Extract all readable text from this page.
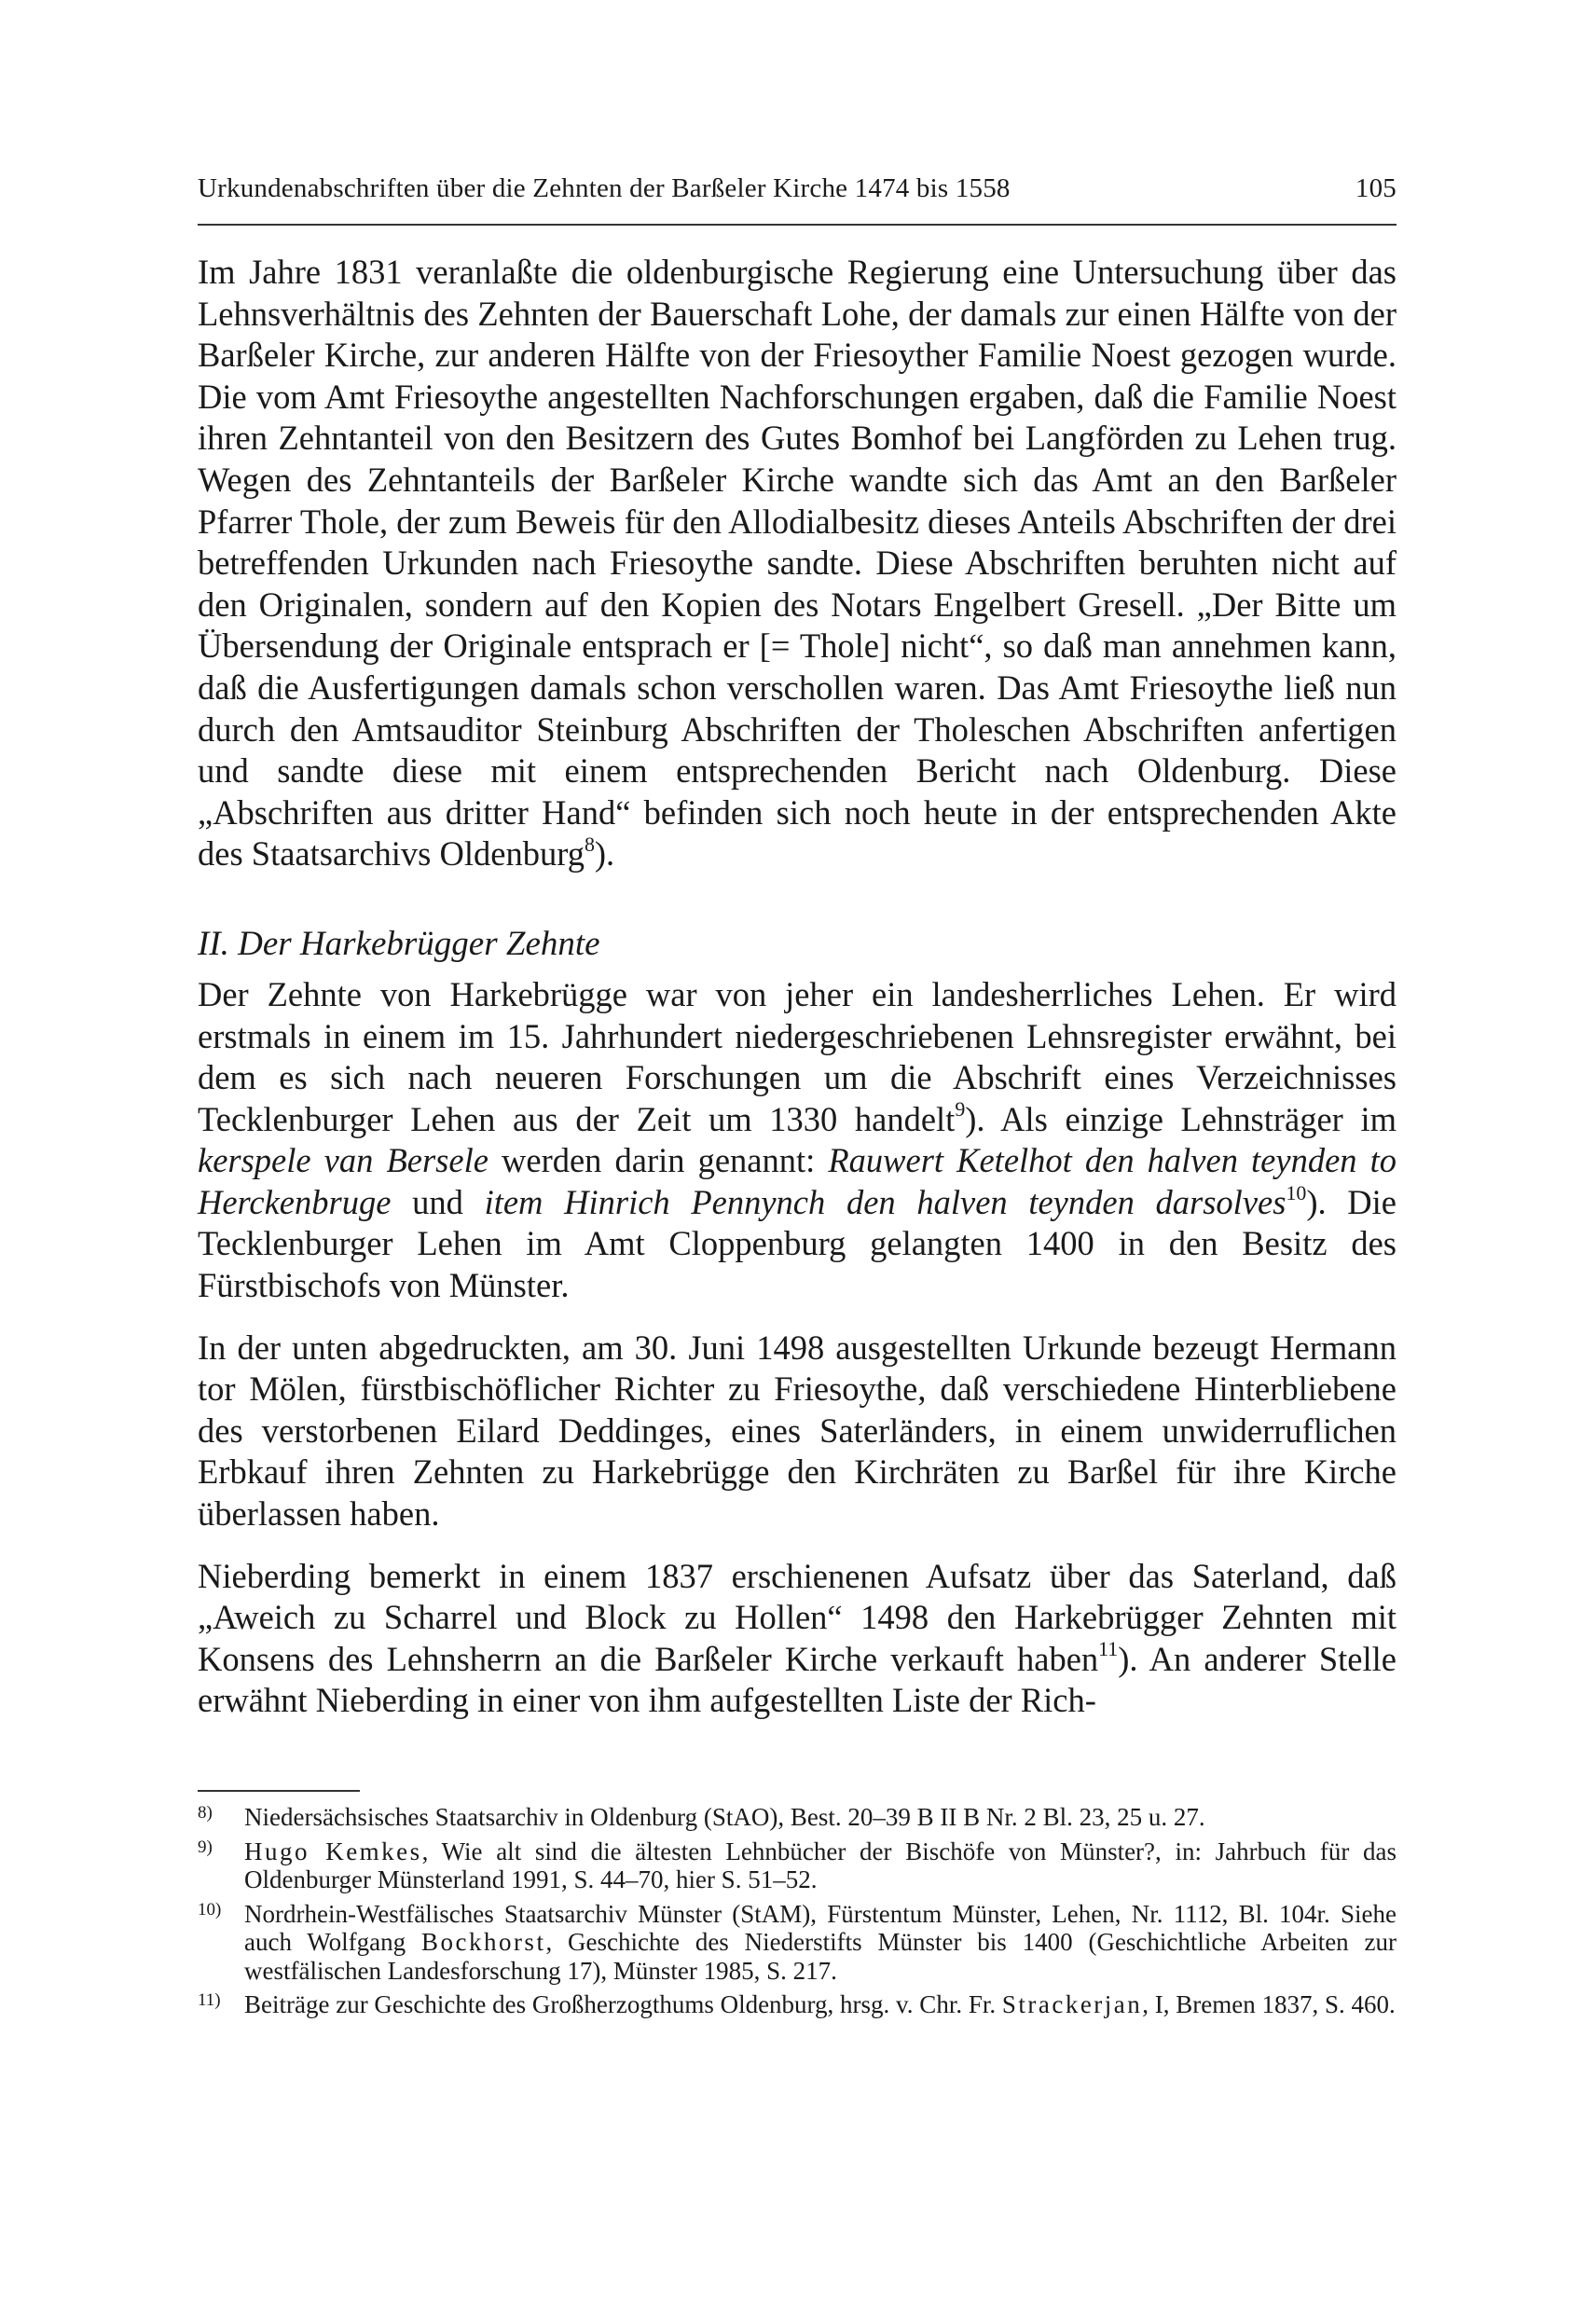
Urkundenabschriften über die Zehnten der Barßeler Kirche 1474 bis 1558	105

Im Jahre 1831 veranlaßte die oldenburgische Regierung eine Untersuchung über das Lehnsverhältnis des Zehnten der Bauerschaft Lohe, der damals zur einen Hälfte von der Barßeler Kirche, zur anderen Hälfte von der Friesoyther Familie Noest gezogen wurde. Die vom Amt Friesoythe angestellten Nachforschungen ergaben, daß die Familie Noest ihren Zehntanteil von den Besitzern des Gutes Bomhof bei Langförden zu Lehen trug. Wegen des Zehntanteils der Barßeler Kirche wandte sich das Amt an den Barßeler Pfarrer Thole, der zum Beweis für den Allodialbesitz dieses Anteils Abschriften der drei betreffenden Urkunden nach Friesoythe sandte. Diese Abschriften beruhten nicht auf den Originalen, sondern auf den Kopien des Notars Engelbert Gresell. „Der Bitte um Übersendung der Originale entsprach er [= Thole] nicht“, so daß man annehmen kann, daß die Ausfertigungen damals schon verschollen waren. Das Amt Friesoythe ließ nun durch den Amtsauditor Steinburg Abschriften der Tholeschen Abschriften anfertigen und sandte diese mit einem entsprechenden Bericht nach Oldenburg. Diese „Abschriften aus dritter Hand“ befinden sich noch heute in der entsprechenden Akte des Staatsarchivs Oldenburg$^8$).

II. Der Harkebrügger Zehnte

Der Zehnte von Harkebrügge war von jeher ein landesherrliches Lehen. Er wird erstmals in einem im 15. Jahrhundert niedergeschriebenen Lehnsregister erwähnt, bei dem es sich nach neueren Forschungen um die Abschrift eines Verzeichnisses Tecklenburger Lehen aus der Zeit um 1330 handelt$^9$). Als einzige Lehnsträger im kerspele van Bersele werden darin genannt: Rauwert Ketelhot den halven teynden to Herckenbruge und item Hinrich Pennynch den halven teynden darsolves$^{10}$). Die Tecklenburger Lehen im Amt Cloppenburg gelangten 1400 in den Besitz des Fürstbischofs von Münster.

In der unten abgedruckten, am 30. Juni 1498 ausgestellten Urkunde bezeugt Hermann tor Mölen, fürstbischöflicher Richter zu Friesoythe, daß verschiedene Hinterbliebene des verstorbenen Eilard Deddinges, eines Saterländers, in einem unwiderruflichen Erbkauf ihren Zehnten zu Harkebrügge den Kirchräten zu Barßel für ihre Kirche überlassen haben.

Nieberding bemerkt in einem 1837 erschienenen Aufsatz über das Saterland, daß „Aweich zu Scharrel und Block zu Hollen“ 1498 den Harkebrügger Zehnten mit Konsens des Lehnsherrn an die Barßeler Kirche verkauft haben$^{11}$). An anderer Stelle erwähnt Nieberding in einer von ihm aufgestellten Liste der Rich-

8) Niedersächsisches Staatsarchiv in Oldenburg (StAO), Best. 20–39 B II B Nr. 2 Bl. 23, 25 u. 27.
9) Hugo Kemkes, Wie alt sind die ältesten Lehnbücher der Bischöfe von Münster?, in: Jahrbuch für das Oldenburger Münsterland 1991, S. 44–70, hier S. 51–52.
10) Nordrhein-Westfälisches Staatsarchiv Münster (StAM), Fürstentum Münster, Lehen, Nr. 1112, Bl. 104r. Siehe auch Wolfgang Bockhorst, Geschichte des Niederstifts Münster bis 1400 (Geschichtliche Arbeiten zur westfälischen Landesforschung 17), Münster 1985, S. 217.
11) Beiträge zur Geschichte des Großherzogthums Oldenburg, hrsg. v. Chr. Fr. Strackerjan, I, Bremen 1837, S. 460.
